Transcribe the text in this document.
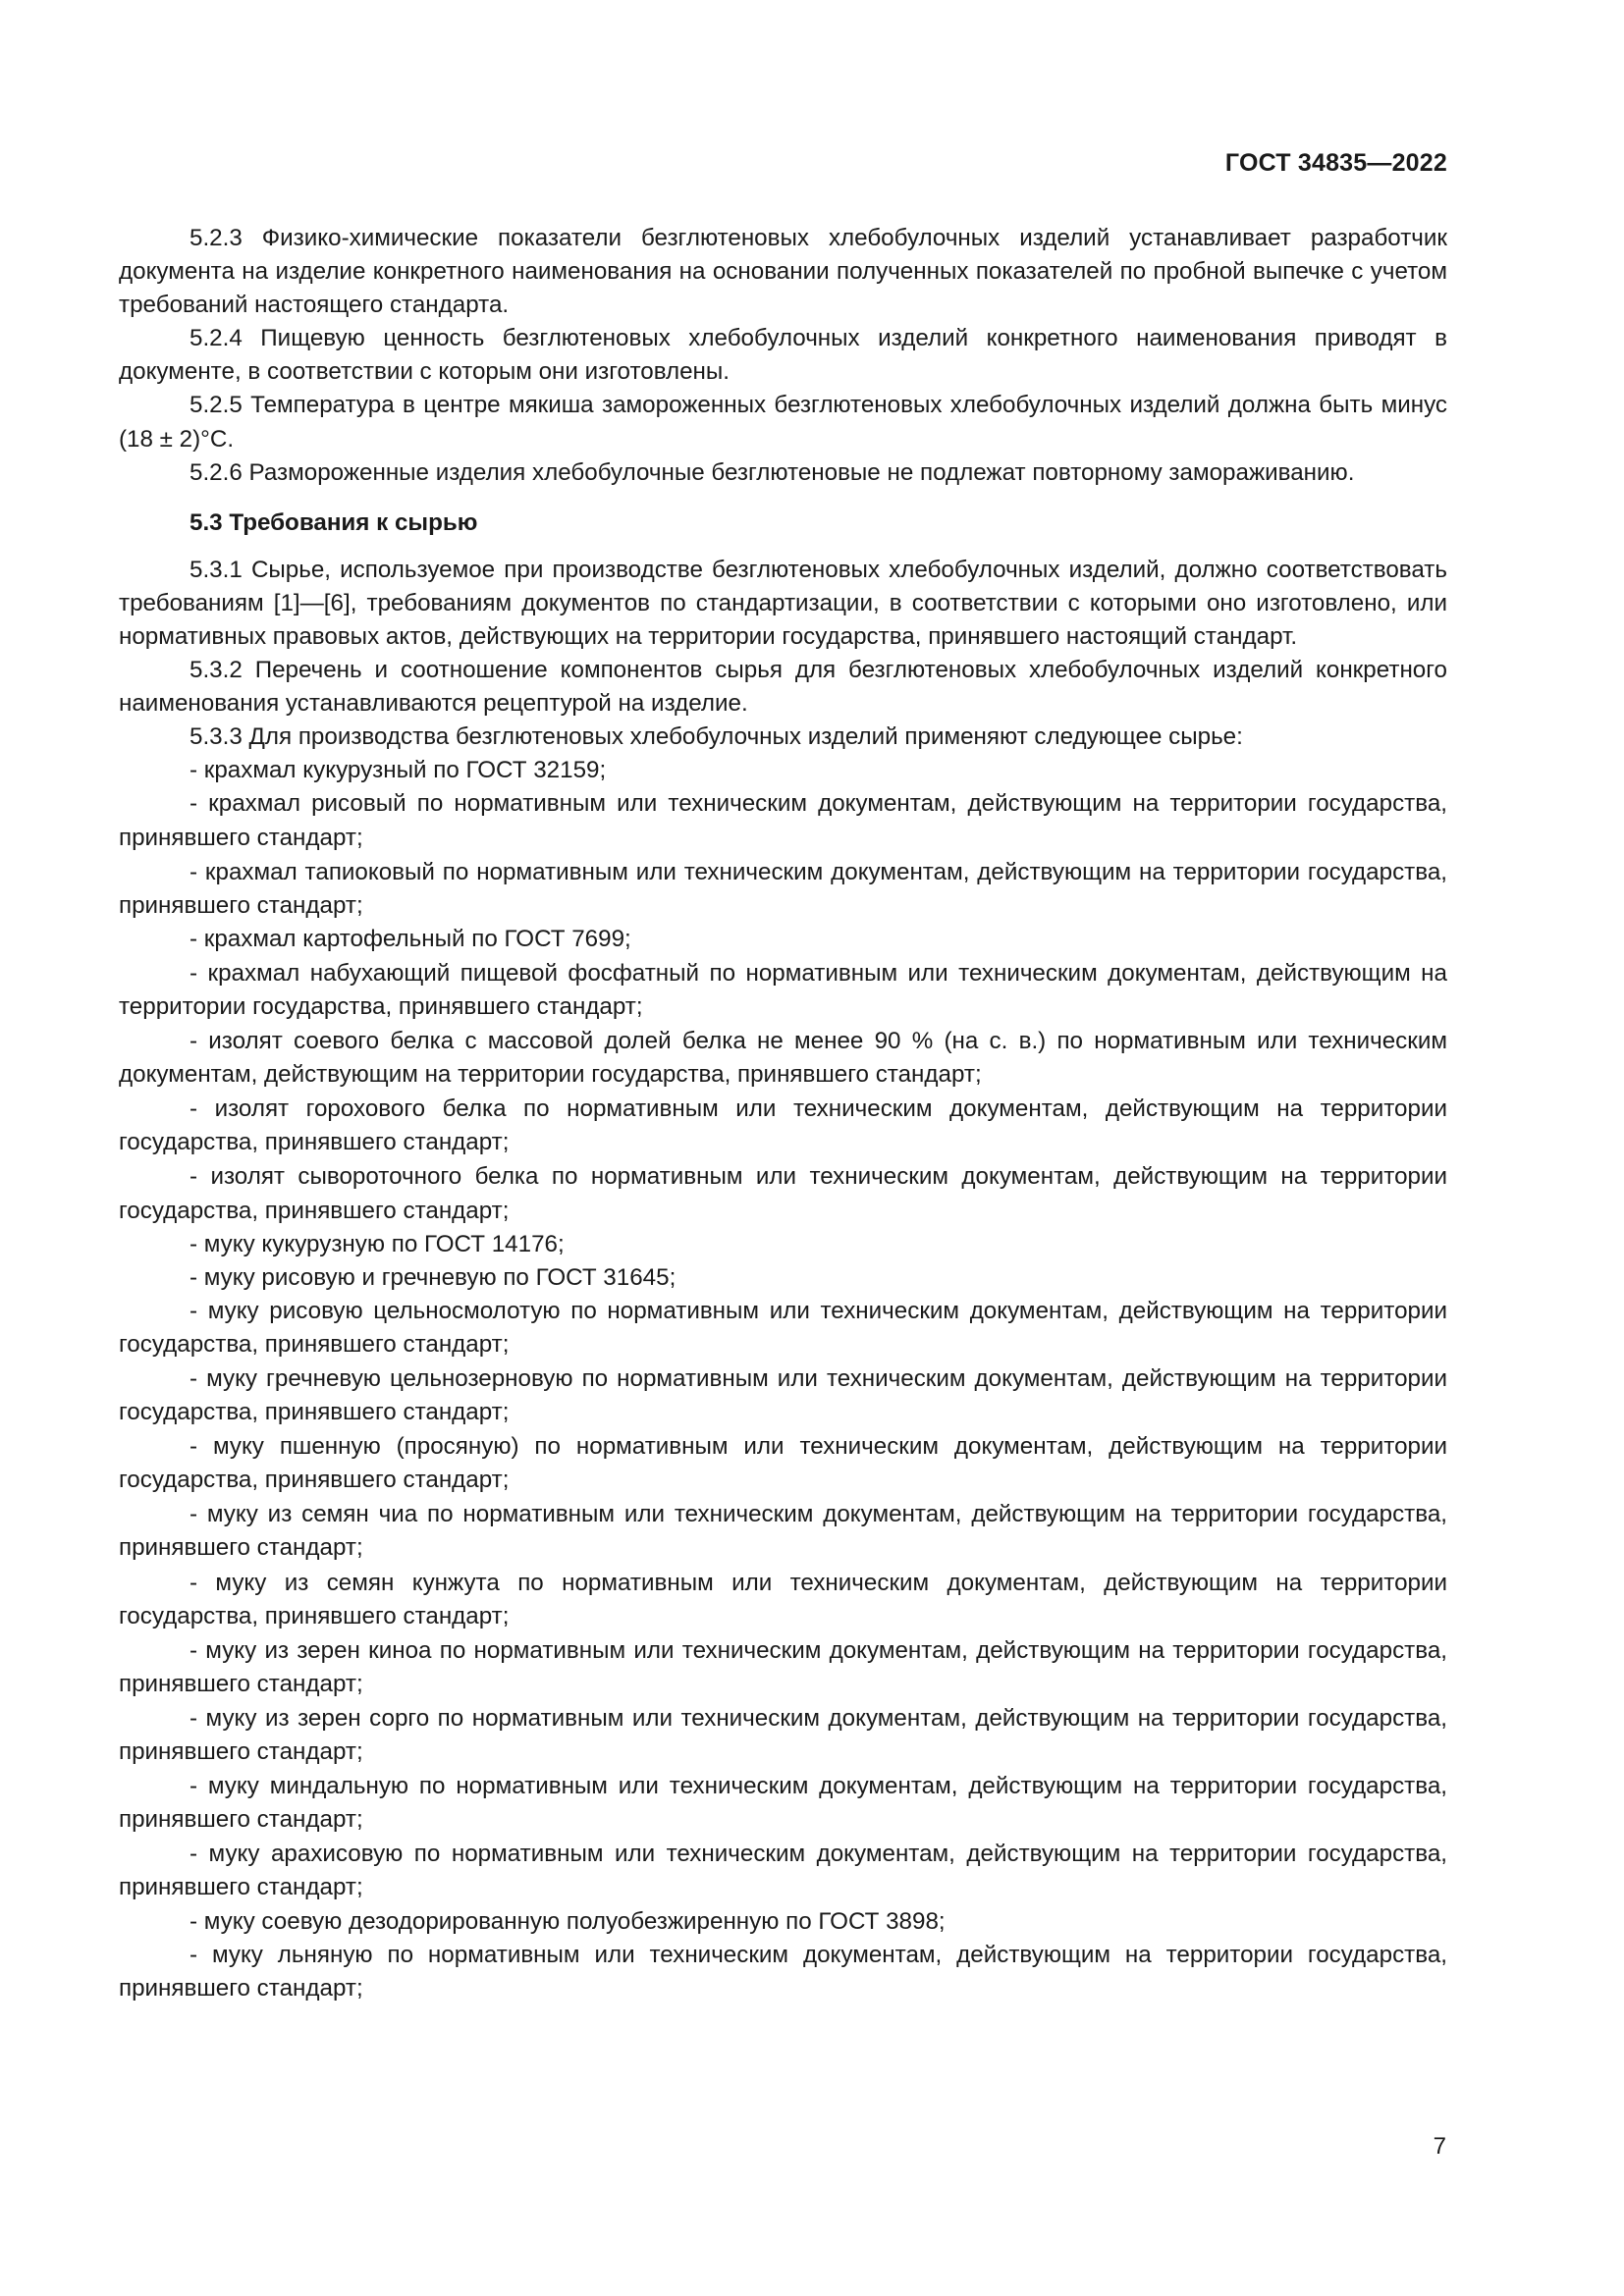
ГОСТ 34835—2022

5.2.3 Физико-химические показатели безглютеновых хлебобулочных изделий устанавливает разработчик документа на изделие конкретного наименования на основании полученных показателей по пробной выпечке с учетом требований настоящего стандарта.

5.2.4 Пищевую ценность безглютеновых хлебобулочных изделий конкретного наименования приводят в документе, в соответствии с которым они изготовлены.

5.2.5 Температура в центре мякиша замороженных безглютеновых хлебобулочных изделий должна быть минус (18 ± 2)°С.

5.2.6 Размороженные изделия хлебобулочные безглютеновые не подлежат повторному замораживанию.

5.3 Требования к сырью

5.3.1 Сырье, используемое при производстве безглютеновых хлебобулочных изделий, должно соответствовать требованиям [1]—[6], требованиям документов по стандартизации, в соответствии с которыми оно изготовлено, или нормативных правовых актов, действующих на территории государства, принявшего настоящий стандарт.

5.3.2 Перечень и соотношение компонентов сырья для безглютеновых хлебобулочных изделий конкретного наименования устанавливаются рецептурой на изделие.

5.3.3 Для производства безглютеновых хлебобулочных изделий применяют следующее сырье:

- крахмал кукурузный по ГОСТ 32159;

- крахмал рисовый по нормативным или техническим документам, действующим на территории государства, принявшего стандарт;

- крахмал тапиоковый по нормативным или техническим документам, действующим на территории государства, принявшего стандарт;

- крахмал картофельный по ГОСТ 7699;

- крахмал набухающий пищевой фосфатный по нормативным или техническим документам, действующим на территории государства, принявшего стандарт;

- изолят соевого белка с массовой долей белка не менее 90 % (на с. в.) по нормативным или техническим документам, действующим на территории государства, принявшего стандарт;

- изолят горохового белка по нормативным или техническим документам, действующим на территории государства, принявшего стандарт;

- изолят сывороточного белка по нормативным или техническим документам, действующим на территории государства, принявшего стандарт;

- муку кукурузную по ГОСТ 14176;

- муку рисовую и гречневую по ГОСТ 31645;

- муку рисовую цельносмолотую по нормативным или техническим документам, действующим на территории государства, принявшего стандарт;

- муку гречневую цельнозерновую по нормативным или техническим документам, действующим на территории государства, принявшего стандарт;

- муку пшенную (просяную) по нормативным или техническим документам, действующим на территории государства, принявшего стандарт;

- муку из семян чиа по нормативным или техническим документам, действующим на территории государства, принявшего стандарт;

- муку из семян кунжута по нормативным или техническим документам, действующим на территории государства, принявшего стандарт;

- муку из зерен киноа по нормативным или техническим документам, действующим на территории государства, принявшего стандарт;

- муку из зерен сорго по нормативным или техническим документам, действующим на территории государства, принявшего стандарт;

- муку миндальную по нормативным или техническим документам, действующим на территории государства, принявшего стандарт;

- муку арахисовую по нормативным или техническим документам, действующим на территории государства, принявшего стандарт;

- муку соевую дезодорированную полуобезжиренную по ГОСТ 3898;

- муку льняную по нормативным или техническим документам, действующим на территории государства, принявшего стандарт;

7
